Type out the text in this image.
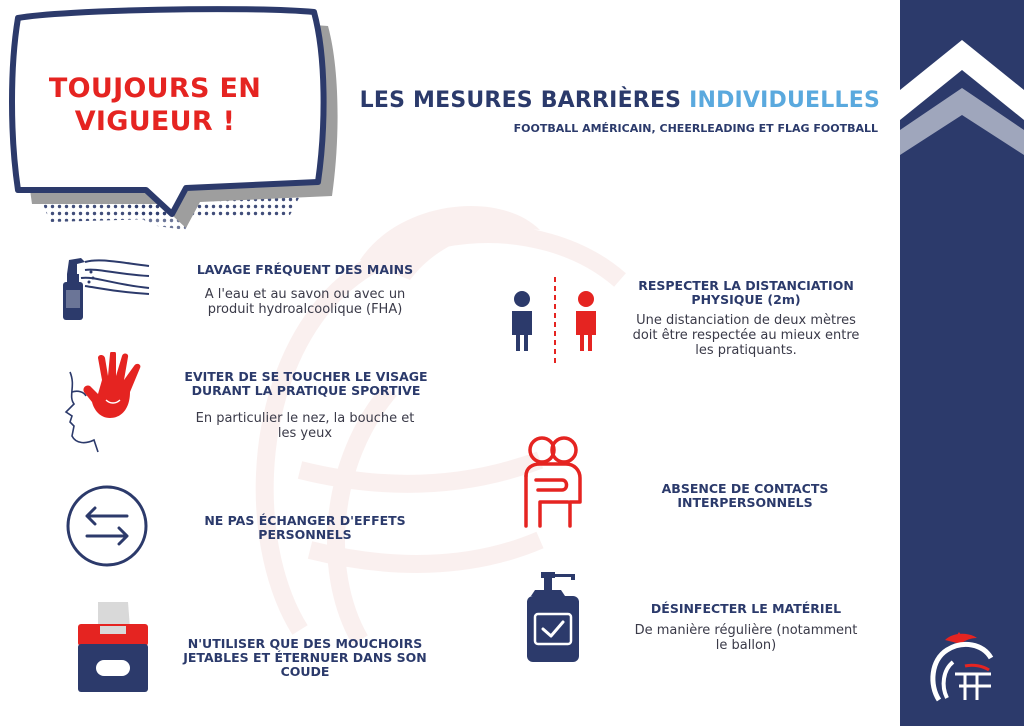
TOUJOURS EN
VIGUEUR !
LES MESURES BARRIÈRES INDIVIDUELLES
FOOTBALL AMÉRICAIN, CHEERLEADING ET FLAG FOOTBALL
LAVAGE FRÉQUENT DES MAINS
A l'eau et au savon ou avec un
produit hydroalcoolique (FHA)
EVITER DE SE TOUCHER LE VISAGE
DURANT LA PRATIQUE SPORTIVE
En particulier le nez, la bouche et
les yeux
NE PAS ÉCHANGER D'EFFETS
PERSONNELS
N'UTILISER QUE DES MOUCHOIRS
JETABLES ET ÉTERNUER DANS SON
COUDE
RESPECTER LA DISTANCIATION
PHYSIQUE (2m)
Une distanciation de deux mètres
doit être respectée au mieux entre
les pratiquants.
ABSENCE DE CONTACTS
INTERPERSONNELS
DÉSINFECTER LE MATÉRIEL
De manière régulière (notamment
le ballon)
